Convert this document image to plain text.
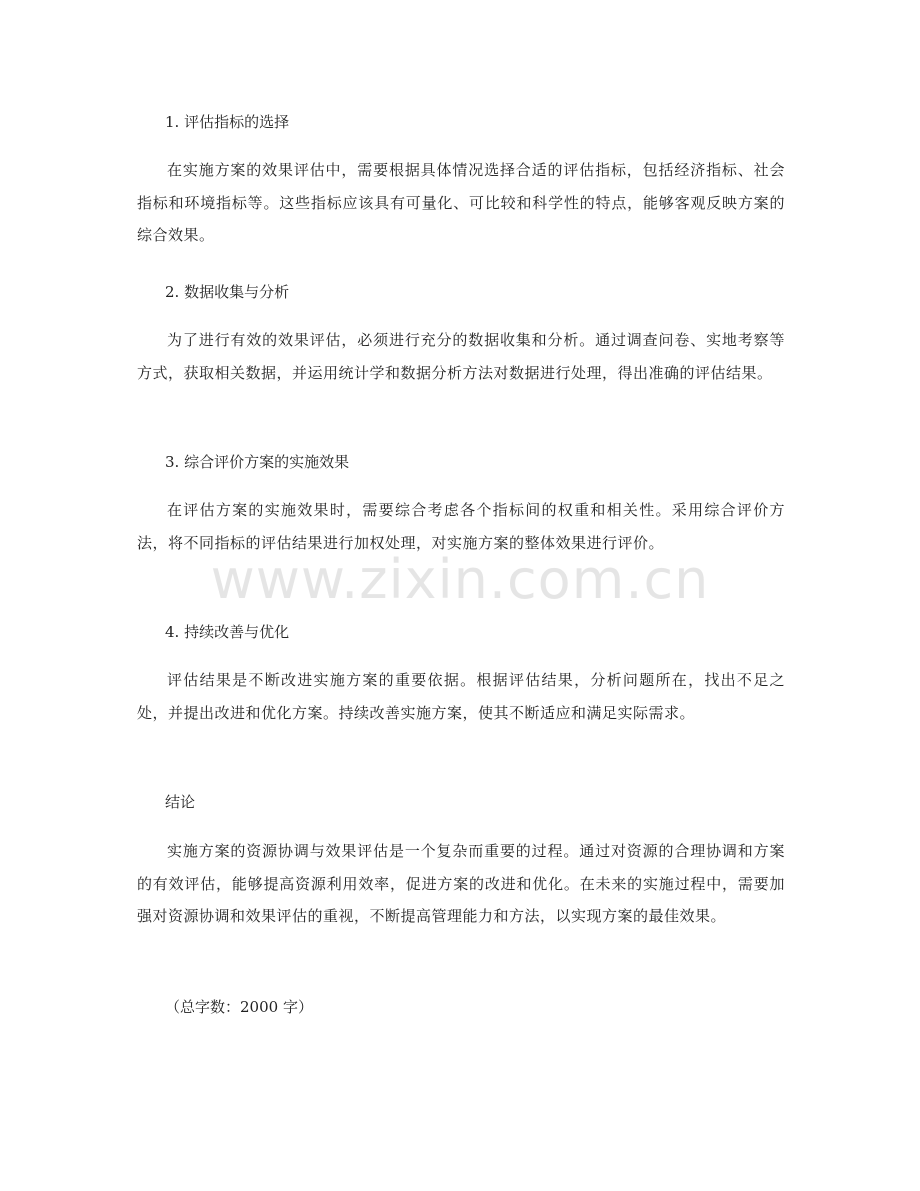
1. 评估指标的选择
在实施方案的效果评估中，需要根据具体情况选择合适的评估指标，包括经济指标、社会指标和环境指标等。这些指标应该具有可量化、可比较和科学性的特点，能够客观反映方案的综合效果。
2. 数据收集与分析
为了进行有效的效果评估，必须进行充分的数据收集和分析。通过调查问卷、实地考察等方式，获取相关数据，并运用统计学和数据分析方法对数据进行处理，得出准确的评估结果。
3. 综合评价方案的实施效果
在评估方案的实施效果时，需要综合考虑各个指标间的权重和相关性。采用综合评价方法，将不同指标的评估结果进行加权处理，对实施方案的整体效果进行评价。
4. 持续改善与优化
评估结果是不断改进实施方案的重要依据。根据评估结果，分析问题所在，找出不足之处，并提出改进和优化方案。持续改善实施方案，使其不断适应和满足实际需求。
结论
实施方案的资源协调与效果评估是一个复杂而重要的过程。通过对资源的合理协调和方案的有效评估，能够提高资源利用效率，促进方案的改进和优化。在未来的实施过程中，需要加强对资源协调和效果评估的重视，不断提高管理能力和方法，以实现方案的最佳效果。
（总字数：2000 字）
www.zixin.com.cn
